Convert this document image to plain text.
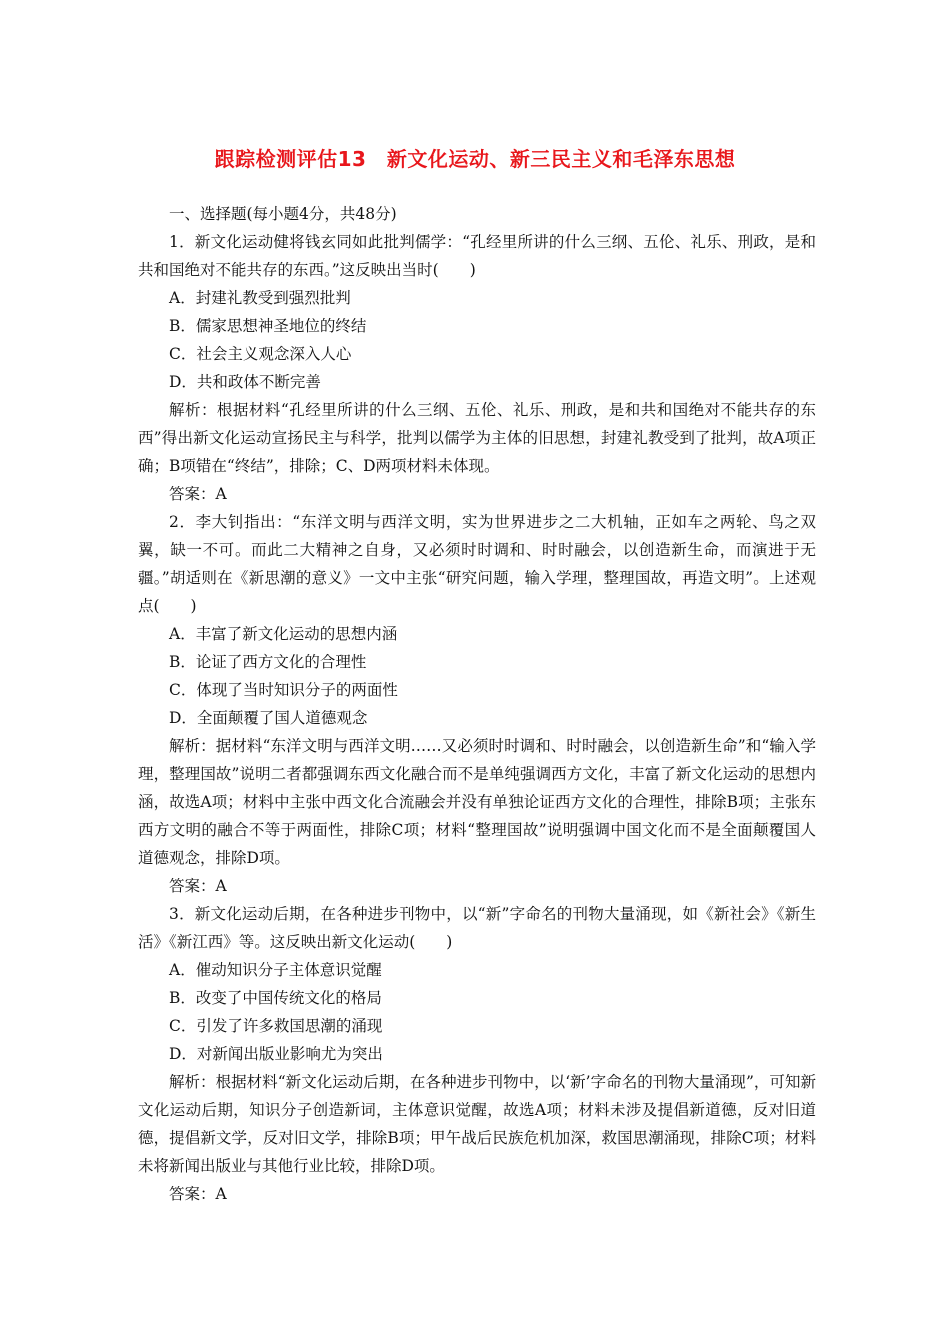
跟踪检测评估13　新文化运动、新三民主义和毛泽东思想

一、选择题(每小题4分，共48分)

1．新文化运动健将钱玄同如此批判儒学：“孔经里所讲的什么三纲、五伦、礼乐、刑政，是和共和国绝对不能共存的东西。”这反映出当时(　　)

A．封建礼教受到强烈批判

B．儒家思想神圣地位的终结

C．社会主义观念深入人心

D．共和政体不断完善

解析：根据材料“孔经里所讲的什么三纲、五伦、礼乐、刑政，是和共和国绝对不能共存的东西”得出新文化运动宣扬民主与科学，批判以儒学为主体的旧思想，封建礼教受到了批判，故A项正确；B项错在“终结”，排除；C、D两项材料未体现。

答案：A

2．李大钊指出：“东洋文明与西洋文明，实为世界进步之二大机轴，正如车之两轮、鸟之双翼，缺一不可。而此二大精神之自身，又必须时时调和、时时融会，以创造新生命，而演进于无疆。”胡适则在《新思潮的意义》一文中主张“研究问题，输入学理，整理国故，再造文明”。上述观点(　　)

A．丰富了新文化运动的思想内涵

B．论证了西方文化的合理性

C．体现了当时知识分子的两面性

D．全面颠覆了国人道德观念

解析：据材料“东洋文明与西洋文明……又必须时时调和、时时融会，以创造新生命”和“输入学理，整理国故”说明二者都强调东西文化融合而不是单纯强调西方文化，丰富了新文化运动的思想内涵，故选A项；材料中主张中西文化合流融会并没有单独论证西方文化的合理性，排除B项；主张东西方文明的融合不等于两面性，排除C项；材料“整理国故”说明强调中国文化而不是全面颠覆国人道德观念，排除D项。

答案：A

3．新文化运动后期，在各种进步刊物中，以“新”字命名的刊物大量涌现，如《新社会》《新生活》《新江西》等。这反映出新文化运动(　　)

A．催动知识分子主体意识觉醒

B．改变了中国传统文化的格局

C．引发了许多救国思潮的涌现

D．对新闻出版业影响尤为突出

解析：根据材料“新文化运动后期，在各种进步刊物中，以‘新’字命名的刊物大量涌现”，可知新文化运动后期，知识分子创造新词，主体意识觉醒，故选A项；材料未涉及提倡新道德，反对旧道德，提倡新文学，反对旧文学，排除B项；甲午战后民族危机加深，救国思潮涌现，排除C项；材料未将新闻出版业与其他行业比较，排除D项。

答案：A
